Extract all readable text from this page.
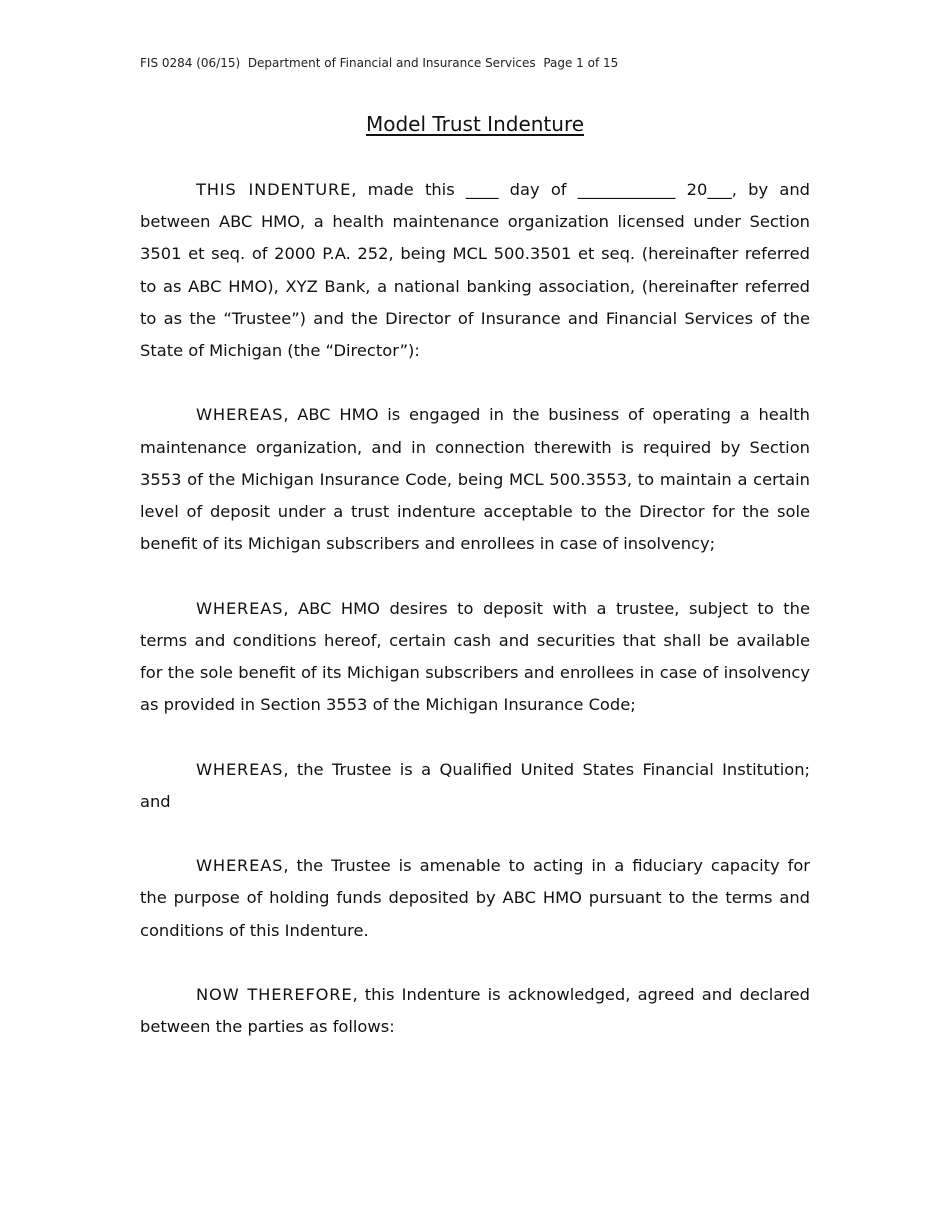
FIS 0284 (06/15) Department of Financial and Insurance Services Page 1 of 15
Model Trust Indenture

THIS INDENTURE, made this ____ day of ____________ 20___, by and between ABC HMO, a health maintenance organization licensed under Section 3501 et seq. of 2000 P.A. 252, being MCL 500.3501 et seq. (hereinafter referred to as ABC HMO), XYZ Bank, a national banking association, (hereinafter referred to as the “Trustee”) and the Director of Insurance and Financial Services of the State of Michigan (the “Director”):

WHEREAS, ABC HMO is engaged in the business of operating a health maintenance organization, and in connection therewith is required by Section 3553 of the Michigan Insurance Code, being MCL 500.3553, to maintain a certain level of deposit under a trust indenture acceptable to the Director for the sole benefit of its Michigan subscribers and enrollees in case of insolvency;

WHEREAS, ABC HMO desires to deposit with a trustee, subject to the terms and conditions hereof, certain cash and securities that shall be available for the sole benefit of its Michigan subscribers and enrollees in case of insolvency as provided in Section 3553 of the Michigan Insurance Code;

WHEREAS, the Trustee is a Qualified United States Financial Institution; and

WHEREAS, the Trustee is amenable to acting in a fiduciary capacity for the purpose of holding funds deposited by ABC HMO pursuant to the terms and conditions of this Indenture.

NOW THEREFORE, this Indenture is acknowledged, agreed and declared between the parties as follows:
